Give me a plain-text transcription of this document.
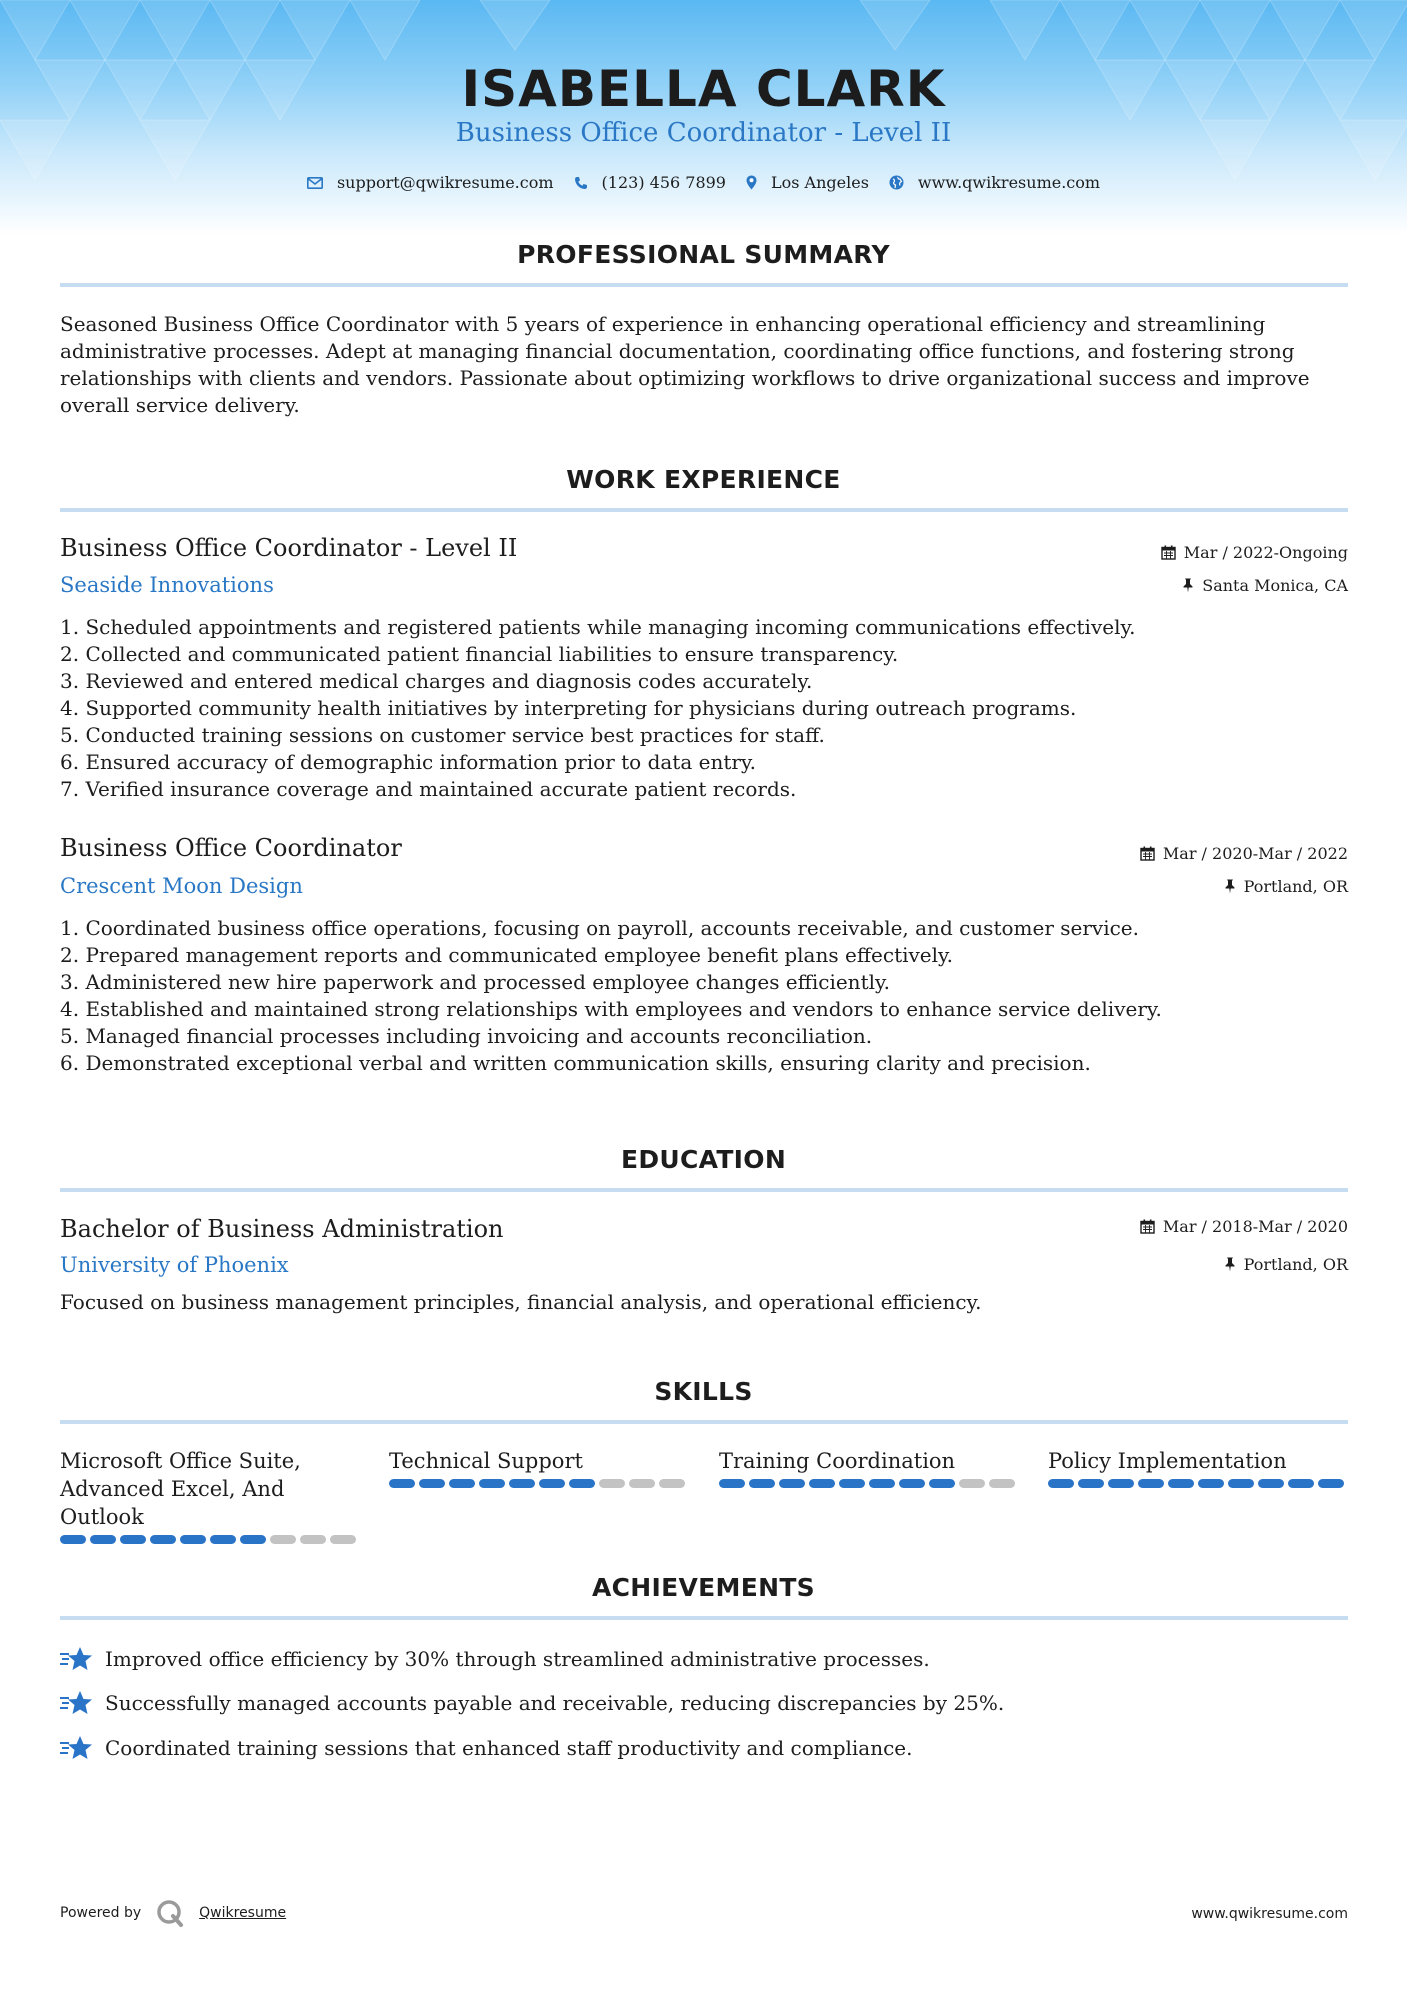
ISABELLA CLARK
Business Office Coordinator - Level II
support@qwikresume.com	(123) 456 7899	Los Angeles	www.qwikresume.com
PROFESSIONAL SUMMARY
Seasoned Business Office Coordinator with 5 years of experience in enhancing operational efficiency and streamlining
administrative processes. Adept at managing financial documentation, coordinating office functions, and fostering strong
relationships with clients and vendors. Passionate about optimizing workflows to drive organizational success and improve
overall service delivery.
WORK EXPERIENCE
Business Office Coordinator - Level II	Mar / 2022-Ongoing
Seaside Innovations	Santa Monica, CA
1. Scheduled appointments and registered patients while managing incoming communications effectively.
2. Collected and communicated patient financial liabilities to ensure transparency.
3. Reviewed and entered medical charges and diagnosis codes accurately.
4. Supported community health initiatives by interpreting for physicians during outreach programs.
5. Conducted training sessions on customer service best practices for staff.
6. Ensured accuracy of demographic information prior to data entry.
7. Verified insurance coverage and maintained accurate patient records.
Business Office Coordinator	Mar / 2020-Mar / 2022
Crescent Moon Design	Portland, OR
1. Coordinated business office operations, focusing on payroll, accounts receivable, and customer service.
2. Prepared management reports and communicated employee benefit plans effectively.
3. Administered new hire paperwork and processed employee changes efficiently.
4. Established and maintained strong relationships with employees and vendors to enhance service delivery.
5. Managed financial processes including invoicing and accounts reconciliation.
6. Demonstrated exceptional verbal and written communication skills, ensuring clarity and precision.
EDUCATION
Bachelor of Business Administration	Mar / 2018-Mar / 2020
University of Phoenix	Portland, OR
Focused on business management principles, financial analysis, and operational efficiency.
SKILLS
Microsoft Office Suite, Advanced Excel, And Outlook
Technical Support	Training Coordination	Policy Implementation
ACHIEVEMENTS
Improved office efficiency by 30% through streamlined administrative processes.
Successfully managed accounts payable and receivable, reducing discrepancies by 25%.
Coordinated training sessions that enhanced staff productivity and compliance.
Powered by	Qwikresume	www.qwikresume.com
